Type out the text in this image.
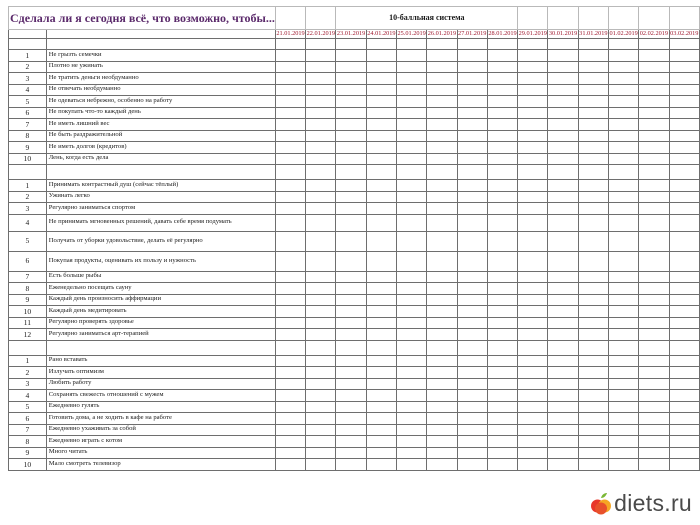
Сделала ли я сегодня всё, что возможно, чтобы...				10-балльная система											
		21.01.2019	22.01.2019	23.01.2019	24.01.2019	25.01.2019	26.01.2019	27.01.2019	28.01.2019	29.01.2019	30.01.2019	31.01.2019	01.02.2019	02.02.2019	03.02.2019

1	Не грызть семечки														
2	Плотно не ужинать														
3	Не тратить деньги необдуманно														
4	Не отвечать необдуманно														
5	Не одеваться небрежно, особенно на работу														
6	Не покупать что-то каждый день														
7	Не иметь лишний вес														
8	Не быть раздражительной														
9	Не иметь долгов (кредитов)														
10	Лень, когда есть дела														

1	Принимать контрастный душ (сейчас тёплый)														
2	Ужинать легко														
3	Регулярно заниматься спортом														
4	Не принимать мгновенных решений, давать себе время подумать														
5	Получать от уборки удовольствие, делать её регулярно														
6	Покупая продукты, оценивать их пользу и нужность														
7	Есть больше рыбы														
8	Еженедельно посещать сауну														
9	Каждый день произносить аффирмации														
10	Каждый день медитировать														
11	Регулярно проверять здоровье														
12	Регулярно заниматься арт-терапией														

1	Рано вставать														
2	Излучать оптимизм														
3	Любить работу														
4	Сохранять свежесть отношений с мужем														
5	Ежедневно гулять														
6	Готовить дома, а не ходить в кафе на работе														
7	Ежедневно ухаживать за собой														
8	Ежедневно играть с котом														
9	Много читать														
10	Мало смотреть телевизор														
diets.ru
